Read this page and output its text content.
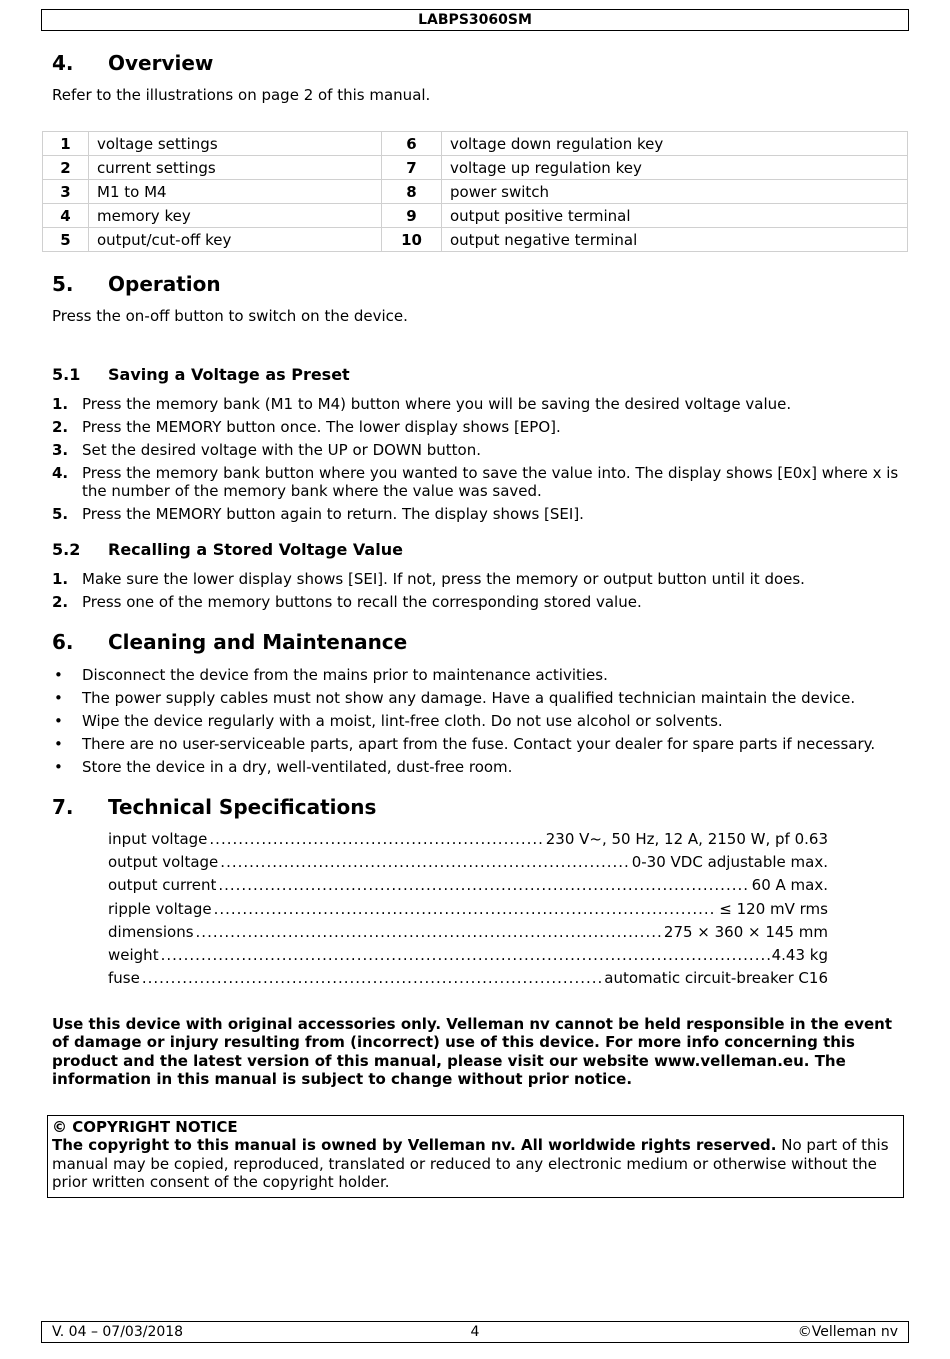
LABPS3060SM
4. Overview
Refer to the illustrations on page 2 of this manual.
1	voltage settings	6	voltage down regulation key
2	current settings	7	voltage up regulation key
3	M1 to M4	8	power switch
4	memory key	9	output positive terminal
5	output/cut-off key	10	output negative terminal
5. Operation
Press the on-off button to switch on the device.
5.1 Saving a Voltage as Preset
1. Press the memory bank (M1 to M4) button where you will be saving the desired voltage value.
2. Press the MEMORY button once. The lower display shows [EPO].
3. Set the desired voltage with the UP or DOWN button.
4. Press the memory bank button where you wanted to save the value into. The display shows [E0x] where x is the number of the memory bank where the value was saved.
5. Press the MEMORY button again to return. The display shows [SEI].
5.2 Recalling a Stored Voltage Value
1. Make sure the lower display shows [SEI]. If not, press the memory or output button until it does.
2. Press one of the memory buttons to recall the corresponding stored value.
6. Cleaning and Maintenance
• Disconnect the device from the mains prior to maintenance activities.
• The power supply cables must not show any damage. Have a qualified technician maintain the device.
• Wipe the device regularly with a moist, lint-free cloth. Do not use alcohol or solvents.
• There are no user-serviceable parts, apart from the fuse. Contact your dealer for spare parts if necessary.
• Store the device in a dry, well-ventilated, dust-free room.
7. Technical Specifications
input voltage .....	230 V~, 50 Hz, 12 A, 2150 W, pf 0.63
output voltage .....	0-30 VDC adjustable max.
output current .....	60 A max.
ripple voltage .....	≤ 120 mV rms
dimensions .....	275 × 360 × 145 mm
weight .....	4.43 kg
fuse .....	automatic circuit-breaker C16
Use this device with original accessories only. Velleman nv cannot be held responsible in the event of damage or injury resulting from (incorrect) use of this device. For more info concerning this product and the latest version of this manual, please visit our website www.velleman.eu. The information in this manual is subject to change without prior notice.
© COPYRIGHT NOTICE
The copyright to this manual is owned by Velleman nv. All worldwide rights reserved. No part of this manual may be copied, reproduced, translated or reduced to any electronic medium or otherwise without the prior written consent of the copyright holder.
V. 04 – 07/03/2018	4	©Velleman nv
